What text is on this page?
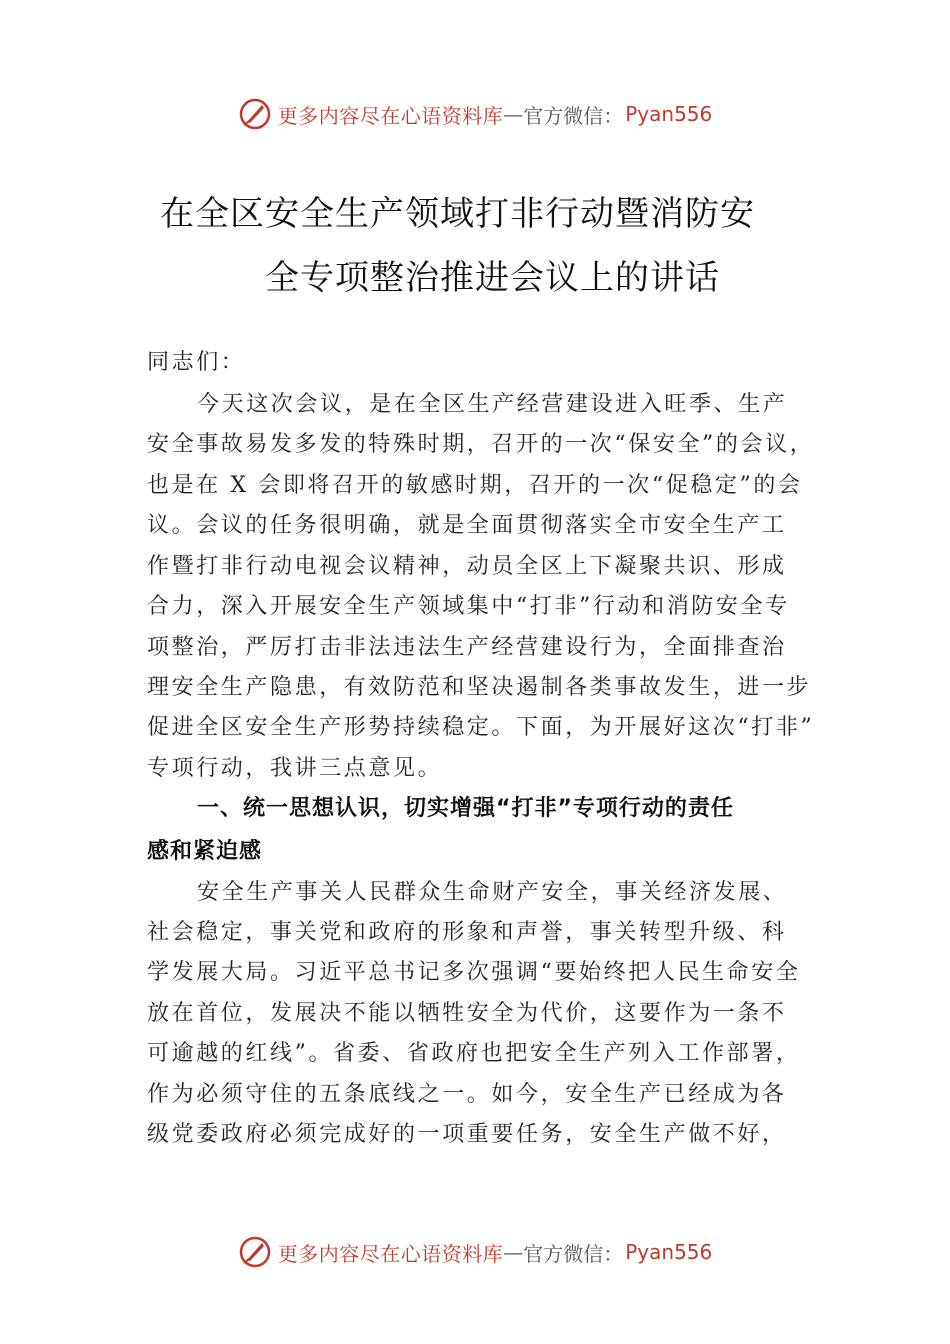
更多内容尽在心语资料库 — 官方微信： Pyan556
在全区安全生产领域打非行动暨消防安
全专项整治推进会议上的讲话
同志们：
今天这次会议，是在全区生产经营建设进入旺季、生产
安全事故易发多发的特殊时期，召开的一次“保安全”的会议，
也是在 X 会即将召开的敏感时期，召开的一次“促稳定”的会
议。会议的任务很明确，就是全面贯彻落实全市安全生产工
作暨打非行动电视会议精神，动员全区上下凝聚共识、形成
合力，深入开展安全生产领域集中“打非”行动和消防安全专
项整治，严厉打击非法违法生产经营建设行为，全面排查治
理安全生产隐患，有效防范和坚决遏制各类事故发生，进一步
促进全区安全生产形势持续稳定。下面，为开展好这次“打非”
专项行动，我讲三点意见。
一、统一思想认识，切实增强“打非”专项行动的责任
感和紧迫感
安全生产事关人民群众生命财产安全，事关经济发展、
社会稳定，事关党和政府的形象和声誉，事关转型升级、科
学发展大局。习近平总书记多次强调“要始终把人民生命安全
放在首位，发展决不能以牺牲安全为代价，这要作为一条不
可逾越的红线”。省委、省政府也把安全生产列入工作部署，
作为必须守住的五条底线之一。如今，安全生产已经成为各
级党委政府必须完成好的一项重要任务，安全生产做不好，
更多内容尽在心语资料库 — 官方微信： Pyan556
